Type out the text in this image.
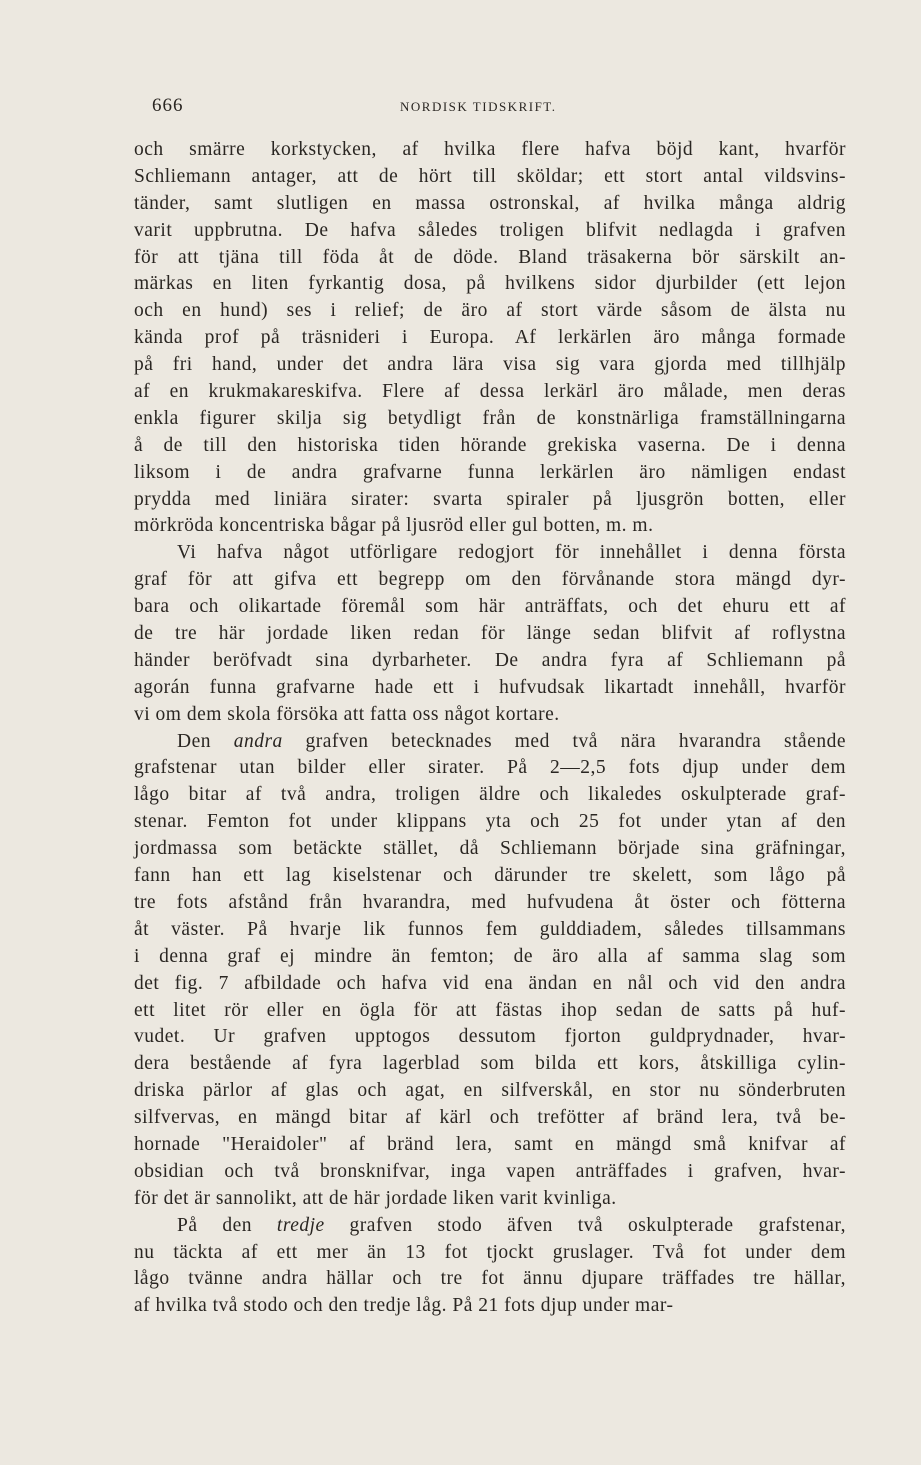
666	NORDISK TIDSKRIFT.
och smärre korkstycken, af hvilka flere hafva böjd kant, hvarför
Schliemann antager, att de hört till sköldar; ett stort antal vildsvins-
tänder, samt slutligen en massa ostronskal, af hvilka många aldrig
varit uppbrutna. De hafva således troligen blifvit nedlagda i grafven
för att tjäna till föda åt de döde. Bland träsakerna bör särskilt an-
märkas en liten fyrkantig dosa, på hvilkens sidor djurbilder (ett lejon
och en hund) ses i relief; de äro af stort värde såsom de älsta nu
kända prof på träsnideri i Europa. Af lerkärlen äro många formade
på fri hand, under det andra lära visa sig vara gjorda med tillhjälp
af en krukmakareskifva. Flere af dessa lerkärl äro målade, men deras
enkla figurer skilja sig betydligt från de konstnärliga framställningarna
å de till den historiska tiden hörande grekiska vaserna. De i denna
liksom i de andra grafvarne funna lerkärlen äro nämligen endast
prydda med liniära sirater: svarta spiraler på ljusgrön botten, eller
mörkröda koncentriska bågar på ljusröd eller gul botten, m. m.
Vi hafva något utförligare redogjort för innehållet i denna första
graf för att gifva ett begrepp om den förvånande stora mängd dyr-
bara och olikartade föremål som här anträffats, och det ehuru ett af
de tre här jordade liken redan för länge sedan blifvit af roflystna
händer beröfvadt sina dyrbarheter. De andra fyra af Schliemann på
agorán funna grafvarne hade ett i hufvudsak likartadt innehåll, hvarför
vi om dem skola försöka att fatta oss något kortare.
Den andra grafven betecknades med två nära hvarandra stående
grafstenar utan bilder eller sirater. På 2—2,5 fots djup under dem
lågo bitar af två andra, troligen äldre och likaledes oskulpterade graf-
stenar. Femton fot under klippans yta och 25 fot under ytan af den
jordmassa som betäckte stället, då Schliemann började sina gräfningar,
fann han ett lag kiselstenar och därunder tre skelett, som lågo på
tre fots afstånd från hvarandra, med hufvudena åt öster och fötterna
åt väster. På hvarje lik funnos fem gulddiadem, således tillsammans
i denna graf ej mindre än femton; de äro alla af samma slag som
det fig. 7 afbildade och hafva vid ena ändan en nål och vid den andra
ett litet rör eller en ögla för att fästas ihop sedan de satts på huf-
vudet. Ur grafven upptogos dessutom fjorton guldprydnader, hvar-
dera bestående af fyra lagerblad som bilda ett kors, åtskilliga cylin-
driska pärlor af glas och agat, en silfverskål, en stor nu sönderbruten
silfvervas, en mängd bitar af kärl och trefötter af bränd lera, två be-
hornade "Heraidoler" af bränd lera, samt en mängd små knifvar af
obsidian och två bronsknifvar, inga vapen anträffades i grafven, hvar-
för det är sannolikt, att de här jordade liken varit kvinliga.
På den tredje grafven stodo äfven två oskulpterade grafstenar,
nu täckta af ett mer än 13 fot tjockt gruslager. Två fot under dem
lågo tvänne andra hällar och tre fot ännu djupare träffades tre hällar,
af hvilka två stodo och den tredje låg. På 21 fots djup under mar-
